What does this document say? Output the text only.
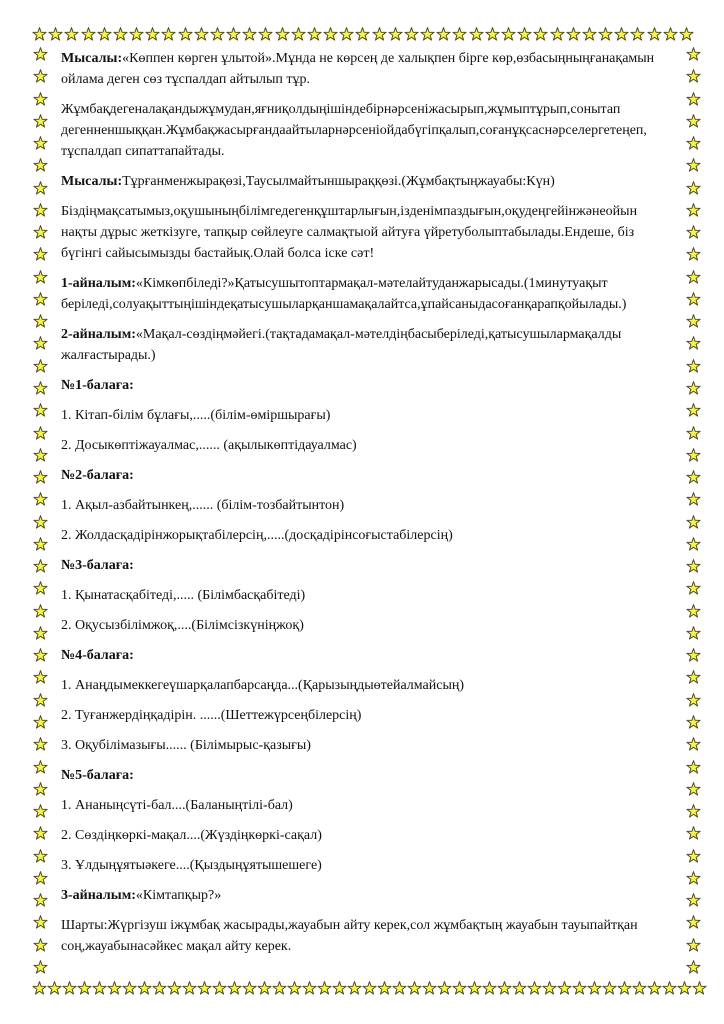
Мысалы:«Көппен көрген ұлытой».Мұнда не көрсең де халықпен бірге көр,өзбасыңныңғанақамын ойлама деген сөз тұспалдап айтылып тұр.

Жұмбақдегеналақандыжұмудан,яғниқолдыңішіндебірнәрсеніжасырып,жұмыптұрып,сонытап дегенненшыққан.Жұмбақжасырғандаайтыларнәрсеніойдабүгіпқалып,соғанұқсаснәрселергетеңеп, тұспалдап сипаттапайтады.

Мысалы:Тұрғанменжырақөзі,Таусылмайтыншыраққөзі.(Жұмбақтыңжауабы:Күн)

Біздіңмақсатымыз,оқушыныңбілімгедегенқұштарлығын,ізденімпаздығын,оқудеңгейінжәнеойын нақты дұрыс жеткізуге, тапқыр сөйлеуге салмақтыой айтуға үйретуболыптабылады.Ендеше, біз бүгінгі сайысымызды бастайық.Олай болса іске сәт!

1-айналым:«Кімкөпбіледі?»Қатысушытоптармақал-мәтелайтуданжарысады.(1минутуақыт беріледі,солуақыттыңішіндеқатысушыларқаншамақалайтса,ұпайсаныдасоғанқарапқойылады.)

2-айналым:«Мақал-сөздіңмәйегі.(тақтадамақал-мәтелдіңбасыберіледі,қатысушылармақалды жалғастырады.)

№1-балаға:

1. Кітап-білім бұлағы,.....(білім-өміршырағы)

2. Досыкөптіжауалмас,...... (ақылыкөптідауалмас)

№2-балаға:

1. Ақыл-азбайтынкең,...... (білім-тозбайтынтон)

2. Жолдасқадірінжорықтабілерсің,.....(досқадірінсоғыстабілерсің)

№3-балаға:

1. Қынатасқабітеді,..... (Білімбасқабітеді)

2. Оқусызбілімжоқ,....(Білімсізкүніңжоқ)

№4-балаға:

1. Анаңдымеккегеүшарқалапбарсаңда...(Қарызыңдыөтейалмайсың)

2. Туғанжердіңқадірін. ......(Шеттежүрсеңбілерсің)

3. Оқубілімазығы...... (Білімырыс-қазығы)

№5-балаға:

1. Ананыңсүті-бал....(Баланыңтілі-бал)

2. Сөздіңкөркі-мақал....(Жүздіңкөркі-сақал)

3. Ұлдыңұятыәкеге....(Қыздыңұятышешеге)

3-айналым:«Кімтапқыр?»

Шарты:Жүргізуш іжұмбақ жасырады,жауабын айту керек,сол жұмбақтың жауабын тауыпайтқан соң,жауабынасәйкес мақал айту керек.
